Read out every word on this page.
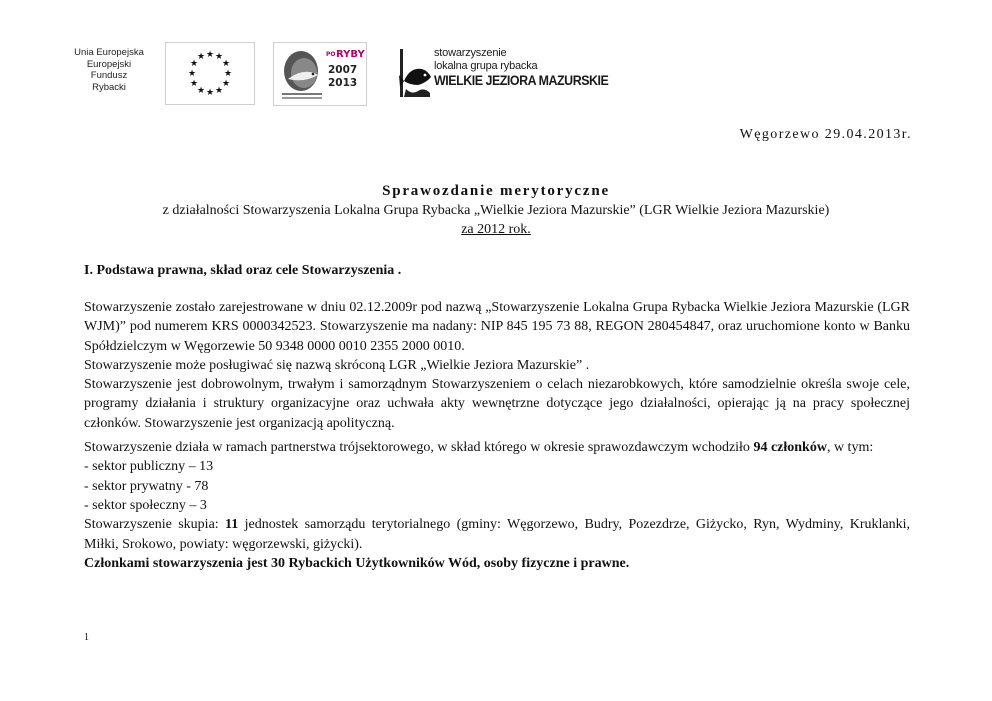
Unia Europejska
Europejski
Fundusz
Rybacki
★ ★
★
★
★
★
★
★
★
★
★
★	PO RYBY
2007
2013
stowarzyszenie
lokalna grupa rybacka
WIELKIE JEZIORA MAZURSKIE
Węgorzewo 29.04.2013r.
Sprawozdanie merytoryczne
z działalności Stowarzyszenia Lokalna Grupa Rybacka „Wielkie Jeziora Mazurskie” (LGR Wielkie Jeziora Mazurskie)
za 2012 rok.
I. Podstawa prawna, skład oraz cele Stowarzyszenia .

Stowarzyszenie zostało zarejestrowane w dniu 02.12.2009r pod nazwą „Stowarzyszenie Lokalna Grupa Rybacka Wielkie Jeziora Mazurskie (LGR WJM)” pod numerem KRS 0000342523. Stowarzyszenie ma nadany: NIP 845 195 73 88, REGON 280454847, oraz uruchomione konto w Banku Spółdzielczym w Węgorzewie 50 9348 0000 0010 2355 2000 0010.

Stowarzyszenie może posługiwać się nazwą skróconą LGR „Wielkie Jeziora Mazurskie” .

Stowarzyszenie jest dobrowolnym, trwałym i samorządnym Stowarzyszeniem o celach niezarobkowych, które samodzielnie określa swoje cele, programy działania i struktury organizacyjne oraz uchwała akty wewnętrzne dotyczące jego działalności, opierając ją na pracy społecznej członków. Stowarzyszenie jest organizacją apolityczną.

Stowarzyszenie działa w ramach partnerstwa trójsektorowego, w skład którego w okresie sprawozdawczym wchodziło 94 członków, w tym:

- sektor publiczny – 13

- sektor prywatny - 78

- sektor społeczny – 3

Stowarzyszenie skupia: 11 jednostek samorządu terytorialnego (gminy: Węgorzewo, Budry, Pozezdrze, Giżycko, Ryn, Wydminy, Kruklanki, Miłki, Srokowo, powiaty: węgorzewski, giżycki).

Członkami stowarzyszenia jest 30 Rybackich Użytkowników Wód, osoby fizyczne i prawne.

1
